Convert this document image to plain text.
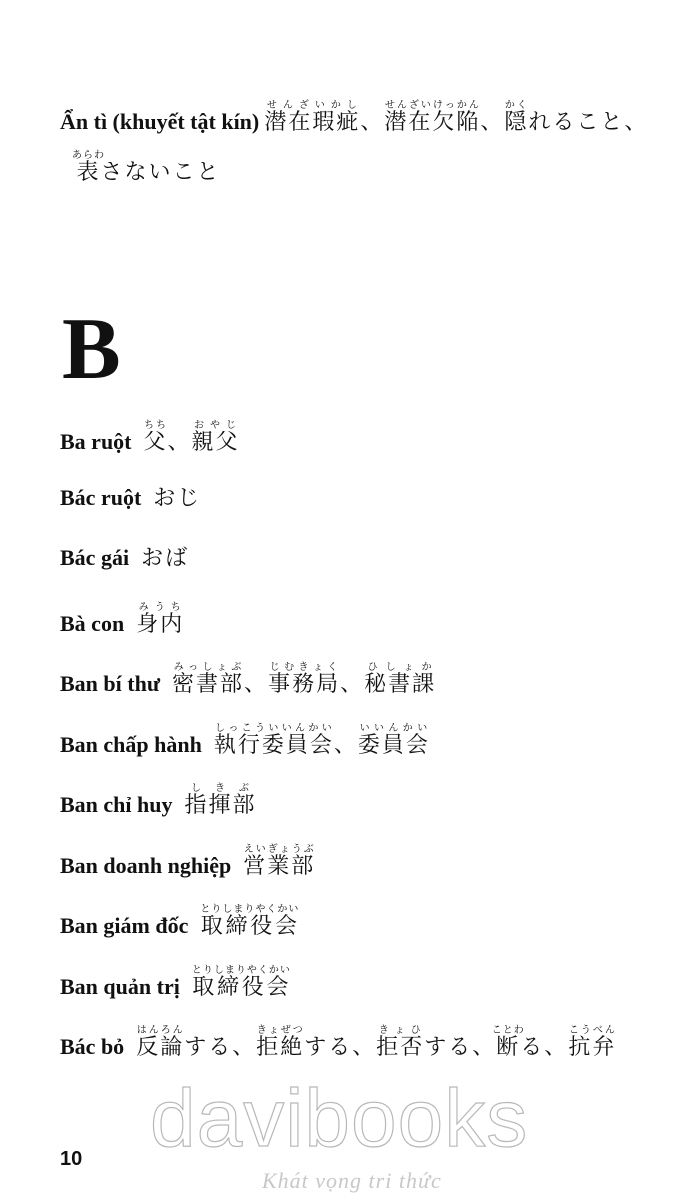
Ẩn tì (khuyết tật kín) 潜在瑕疵せんざいかし、潜在欠陥せんざいけっかん、隠かくれること、
表あらわさないこと
B
Ba ruột 父ちち、親父おやじ
Bác ruột おじ
Bác gái おば
Bà con 身内みうち
Ban bí thư 密書部みっしょぶ、事務局じむきょく、秘書課ひしょか
Ban chấp hành 執行委員会しっこういいんかい、委員会いいんかい
Ban chỉ huy 指揮部しきぶ
Ban doanh nghiệp 営業部えいぎょうぶ
Ban giám đốc 取締役会とりしまりやくかい
Ban quản trị 取締役会とりしまりやくかい
Bác bỏ 反論はんろんする、拒絶きょぜつする、拒否きょひする、断ことわる、抗弁こうべん
10 davibooks
Khát vọng tri thức
